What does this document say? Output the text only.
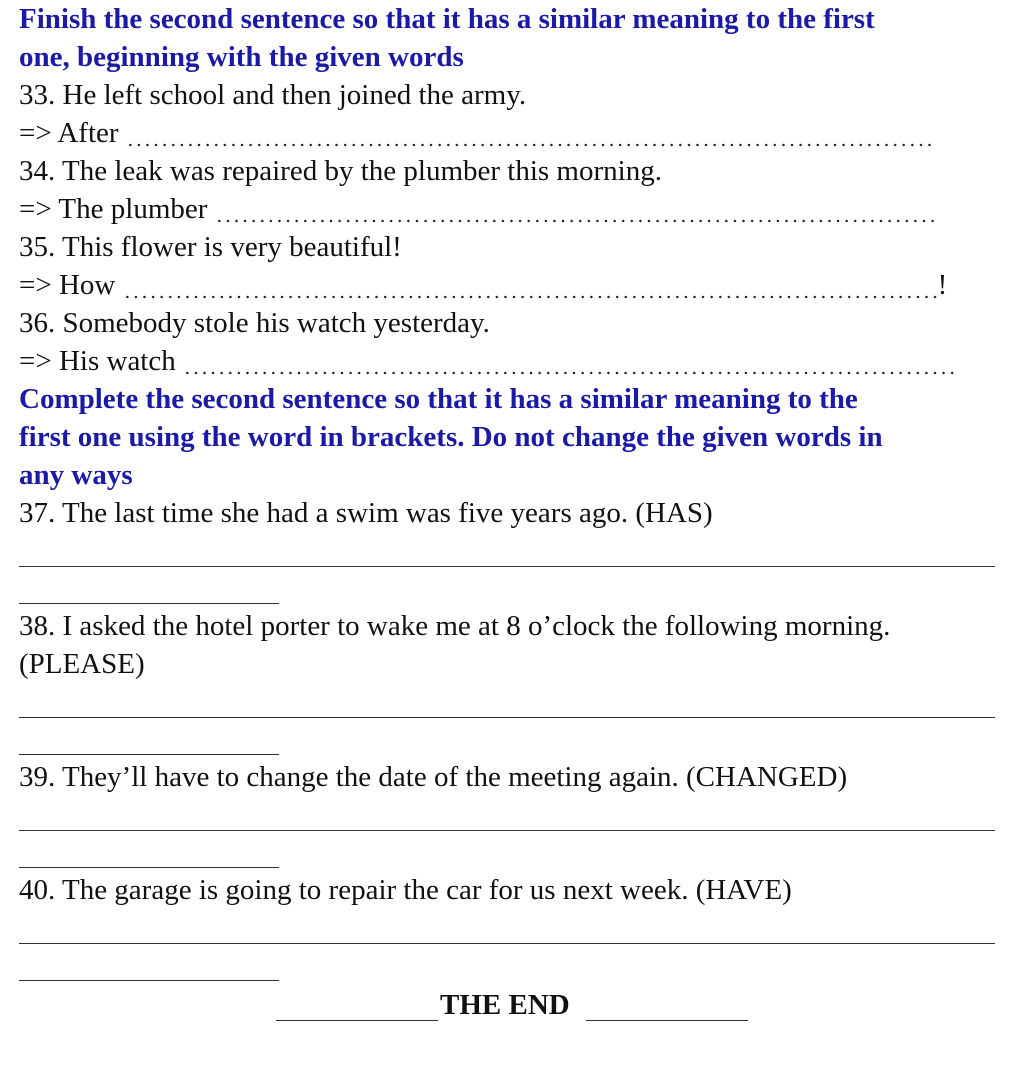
Finish the second sentence so that it has a similar meaning to the first
one, beginning with the given words
33. He left school and then joined the army.
=> After
34. The leak was repaired by the plumber this morning.
=> The plumber
35. This flower is very beautiful!
=> How	!
36. Somebody stole his watch yesterday.
=> His watch
Complete the second sentence so that it has a similar meaning to the
first one using the word in brackets. Do not change the given words in
any ways
37. The last time she had a swim was five years ago. (HAS)
38. I asked the hotel porter to wake me at 8 o’clock the following morning.
(PLEASE)
39. They’ll have to change the date of the meeting again. (CHANGED)
40. The garage is going to repair the car for us next week. (HAVE)
THE END
